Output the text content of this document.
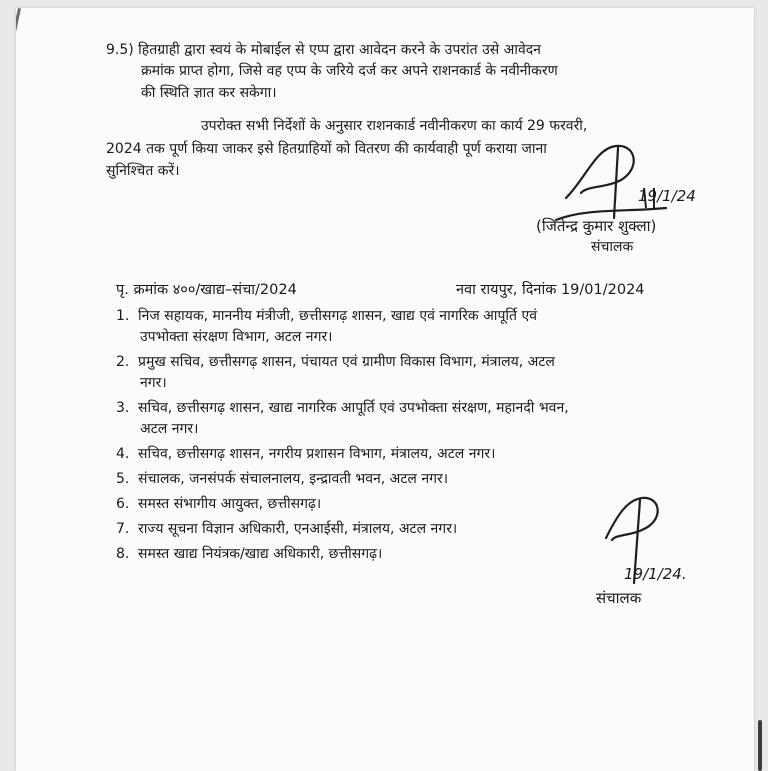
9.5) हितग्राही द्वारा स्वयं के मोबाईल से एप्प द्वारा आवेदन करने के उपरांत उसे आवेदन
क्रमांक प्राप्त होगा, जिसे वह एप्प के जरिये दर्ज कर अपने राशनकार्ड के नवीनीकरण
की स्थिति ज्ञात कर सकेगा।
उपरोक्त सभी निर्देशों के अनुसार राशनकार्ड नवीनीकरण का कार्य 29 फरवरी,
2024 तक पूर्ण किया जाकर इसे हितग्राहियों को वितरण की कार्यवाही पूर्ण कराया जाना
सुनिश्चित करें।
19/1/24
(जितेन्द्र कुमार शुक्ला)
संचालक
पृ. क्रमांक ४००/खाद्य–संचा/2024	नवा रायपुर, दिनांक 19/01/2024
1. निज सहायक, माननीय मंत्रीजी, छत्तीसगढ़ शासन, खाद्य एवं नागरिक आपूर्ति एवं
उपभोक्ता संरक्षण विभाग, अटल नगर।
2. प्रमुख सचिव, छत्तीसगढ़ शासन, पंचायत एवं ग्रामीण विकास विभाग, मंत्रालय, अटल
नगर।
3. सचिव, छत्तीसगढ़ शासन, खाद्य नागरिक आपूर्ति एवं उपभोक्ता संरक्षण, महानदी भवन,
अटल नगर।
4. सचिव, छत्तीसगढ़ शासन, नगरीय प्रशासन विभाग, मंत्रालय, अटल नगर।
5. संचालक, जनसंपर्क संचालनालय, इन्द्रावती भवन, अटल नगर।
6. समस्त संभागीय आयुक्त, छत्तीसगढ़।
7. राज्य सूचना विज्ञान अधिकारी, एनआईसी, मंत्रालय, अटल नगर।
8. समस्त खाद्य नियंत्रक/खाद्य अधिकारी, छत्तीसगढ़।
19/1/24.
संचालक
